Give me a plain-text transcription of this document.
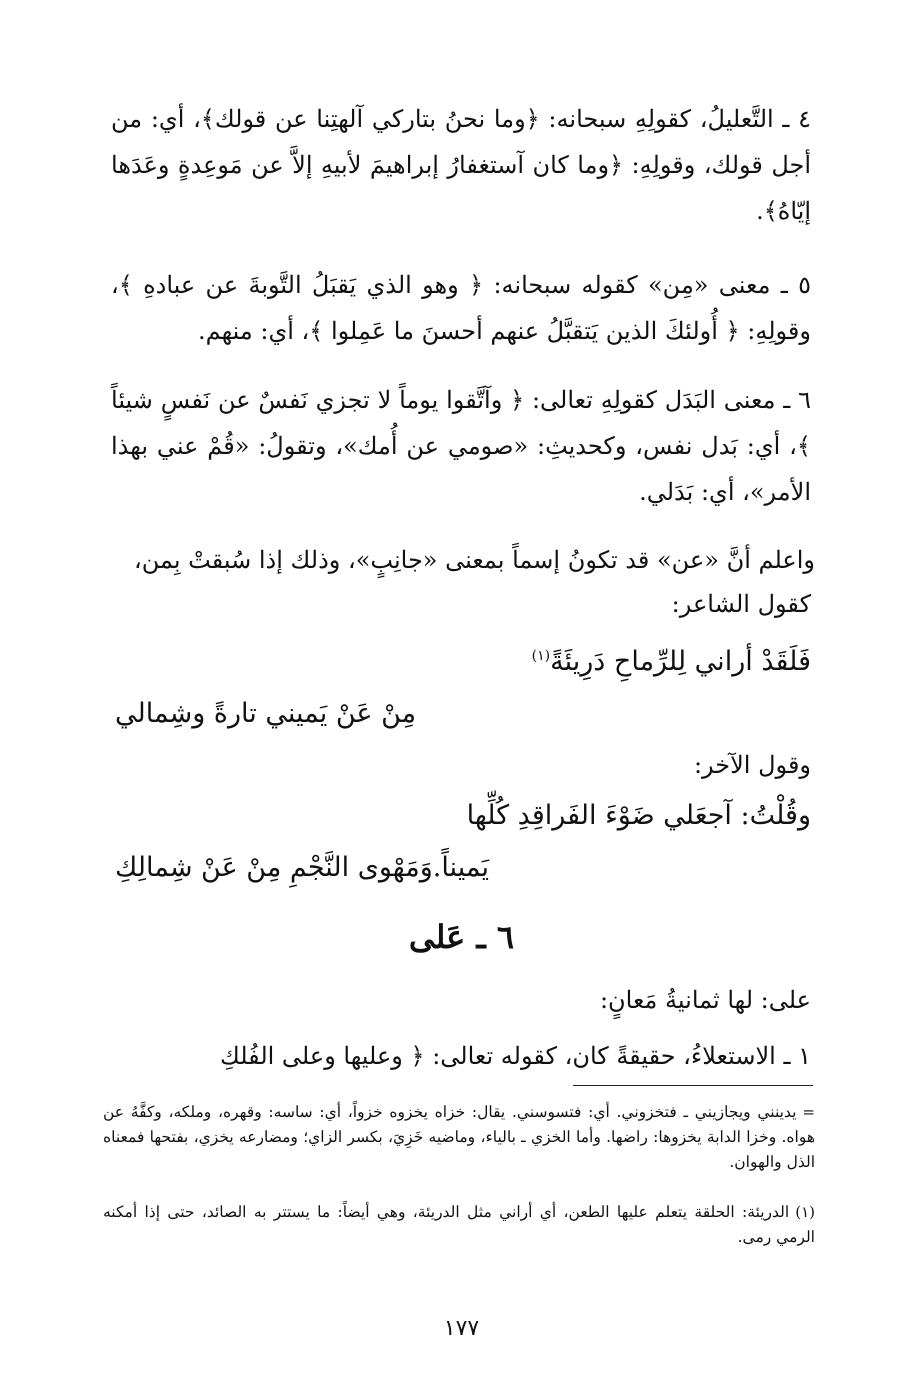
٤ ـ التَّعليلُ، كقولِهِ سبحانه: ﴿وما نحنُ بتاركي آلهتِنا عن قولك﴾، أي: من أجل قولك، وقولِهِ: ﴿وما كان آستغفارُ إبراهيمَ لأبيهِ إلاَّ عن مَوعِدةٍ وعَدَها إيّاهُ﴾.
٥ ـ معنى «مِن» كقوله سبحانه: ﴿ وهو الذي يَقبَلُ التَّوبةَ عن عبادهِ ﴾، وقولِهِ: ﴿ أُولئكَ الذين يَتقبَّلُ عنهم أحسنَ ما عَمِلوا ﴾، أي: منهم.
٦ ـ معنى البَدَل كقولِهِ تعالى: ﴿ وآتَّقوا يوماً لا تجزي نَفسٌ عن نَفسٍ شيئاً ﴾، أي: بَدل نفس، وكحديثِ: «صومي عن أُمك»، وتقولُ: «قُمْ عني بهذا الأمر»، أي: بَدَلي.
واعلم أنَّ «عن» قد تكونُ إسماً بمعنى «جانِبٍ»، وذلك إذا سُبقتْ بِمن،
كقول الشاعر:
فَلَقَدْ أراني لِلرِّماحِ دَرِيئَةً$^{(١)}$
مِنْ عَنْ يَميني تارةً وشِمالي
وقول الآخر:
وقُلْتُ: آجعَلي ضَوْءَ الفَراقِدِ كُلِّها
يَميناً.وَمَهْوى النَّجْمِ مِنْ عَنْ شِمالِكِ
٦ ـ عَلى
على: لها ثمانيةُ مَعانٍ:
١ ـ الاستعلاءُ، حقيقةً كان، كقوله تعالى: ﴿ وعليها وعلى الفُلكِ
=يدينني ويجازيني ـ فتخزوني. أي: فتسوسني. يقال: خزاه يخزوه خزواً، أي: ساسه: وقهره، وملكه، وكفَّهُ عن هواه. وخزا الدابة يخزوها: راضها. وأما الخزي ـ بالياء، وماضيه خَزِيَ، بكسر الزاي؛ ومضارعه يخزي، بفتحها فمعناه الذل والهوان.
(١)الدريئة: الحلقة يتعلم عليها الطعن، أي أراني مثل الدريئة، وهي أيضاً: ما يستتر به الصائد، حتى إذا أمكنه الرمي رمى.
١٧٧
